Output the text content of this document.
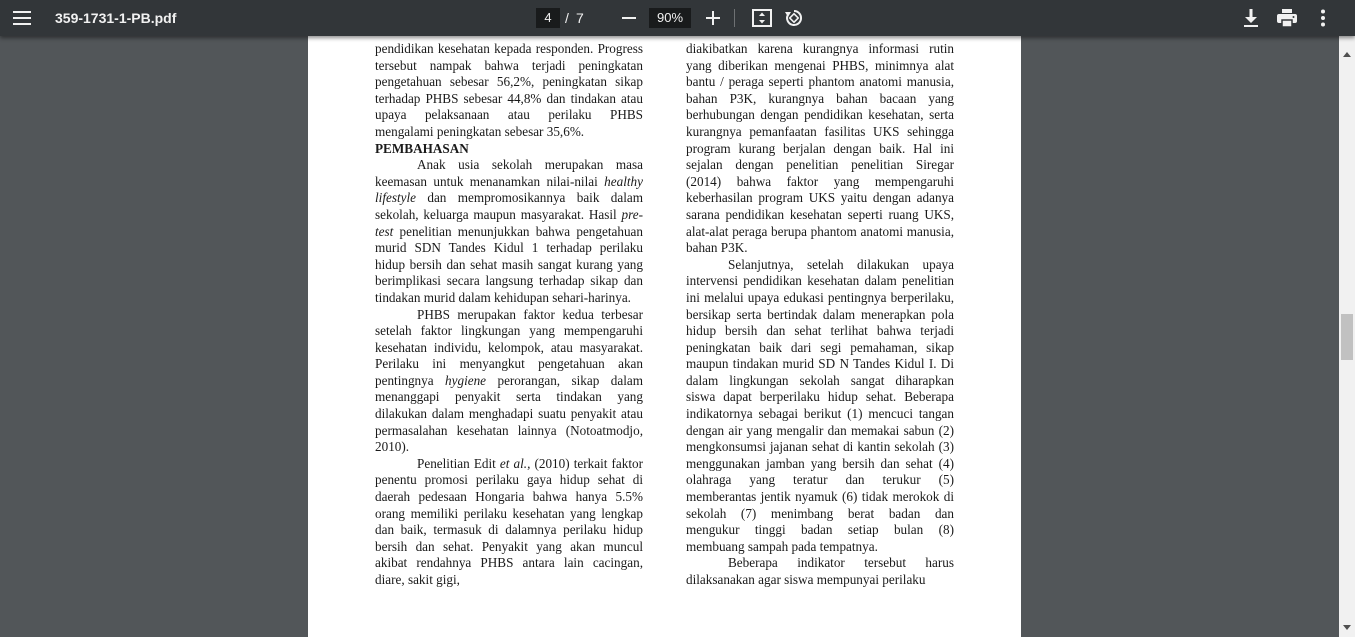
359-1731-1-PB.pdf	4 / 7	90%

pendidikan kesehatan kepada responden. Progress tersebut nampak bahwa terjadi peningkatan pengetahuan sebesar 56,2%, peningkatan sikap terhadap PHBS sebesar 44,8% dan tindakan atau upaya pelaksanaan atau perilaku PHBS mengalami peningkatan sebesar 35,6%.

PEMBAHASAN

Anak usia sekolah merupakan masa keemasan untuk menanamkan nilai-nilai healthy lifestyle dan mempromosikannya baik dalam sekolah, keluarga maupun masyarakat. Hasil pre-test penelitian menunjukkan bahwa pengetahuan murid SDN Tandes Kidul 1 terhadap perilaku hidup bersih dan sehat masih sangat kurang yang berimplikasi secara langsung terhadap sikap dan tindakan murid dalam kehidupan sehari-harinya.

PHBS merupakan faktor kedua terbesar setelah faktor lingkungan yang mempengaruhi kesehatan individu, kelompok, atau masyarakat. Perilaku ini menyangkut pengetahuan akan pentingnya hygiene perorangan, sikap dalam menanggapi penyakit serta tindakan yang dilakukan dalam menghadapi suatu penyakit atau permasalahan kesehatan lainnya (Notoatmodjo, 2010).

Penelitian Edit et al., (2010) terkait faktor penentu promosi perilaku gaya hidup sehat di daerah pedesaan Hongaria bahwa hanya 5.5% orang memiliki perilaku kesehatan yang lengkap dan baik, termasuk di dalamnya perilaku hidup bersih dan sehat. Penyakit yang akan muncul akibat rendahnya PHBS antara lain cacingan, diare, sakit gigi,

diakibatkan karena kurangnya informasi rutin yang diberikan mengenai PHBS, minimnya alat bantu / peraga seperti phantom anatomi manusia, bahan P3K, kurangnya bahan bacaan yang berhubungan dengan pendidikan kesehatan, serta kurangnya pemanfaatan fasilitas UKS sehingga program kurang berjalan dengan baik. Hal ini sejalan dengan penelitian penelitian Siregar (2014) bahwa faktor yang mempengaruhi keberhasilan program UKS yaitu dengan adanya sarana pendidikan kesehatan seperti ruang UKS, alat-alat peraga berupa phantom anatomi manusia, bahan P3K.

Selanjutnya, setelah dilakukan upaya intervensi pendidikan kesehatan dalam penelitian ini melalui upaya edukasi pentingnya berperilaku, bersikap serta bertindak dalam menerapkan pola hidup bersih dan sehat terlihat bahwa terjadi peningkatan baik dari segi pemahaman, sikap maupun tindakan murid SD N Tandes Kidul I. Di dalam lingkungan sekolah sangat diharapkan siswa dapat berperilaku hidup sehat. Beberapa indikatornya sebagai berikut (1) mencuci tangan dengan air yang mengalir dan memakai sabun (2) mengkonsumsi jajanan sehat di kantin sekolah (3) menggunakan jamban yang bersih dan sehat (4) olahraga yang teratur dan terukur (5) memberantas jentik nyamuk (6) tidak merokok di sekolah (7) menimbang berat badan dan mengukur tinggi badan setiap bulan (8) membuang sampah pada tempatnya.

Beberapa indikator tersebut harus dilaksanakan agar siswa mempunyai perilaku
